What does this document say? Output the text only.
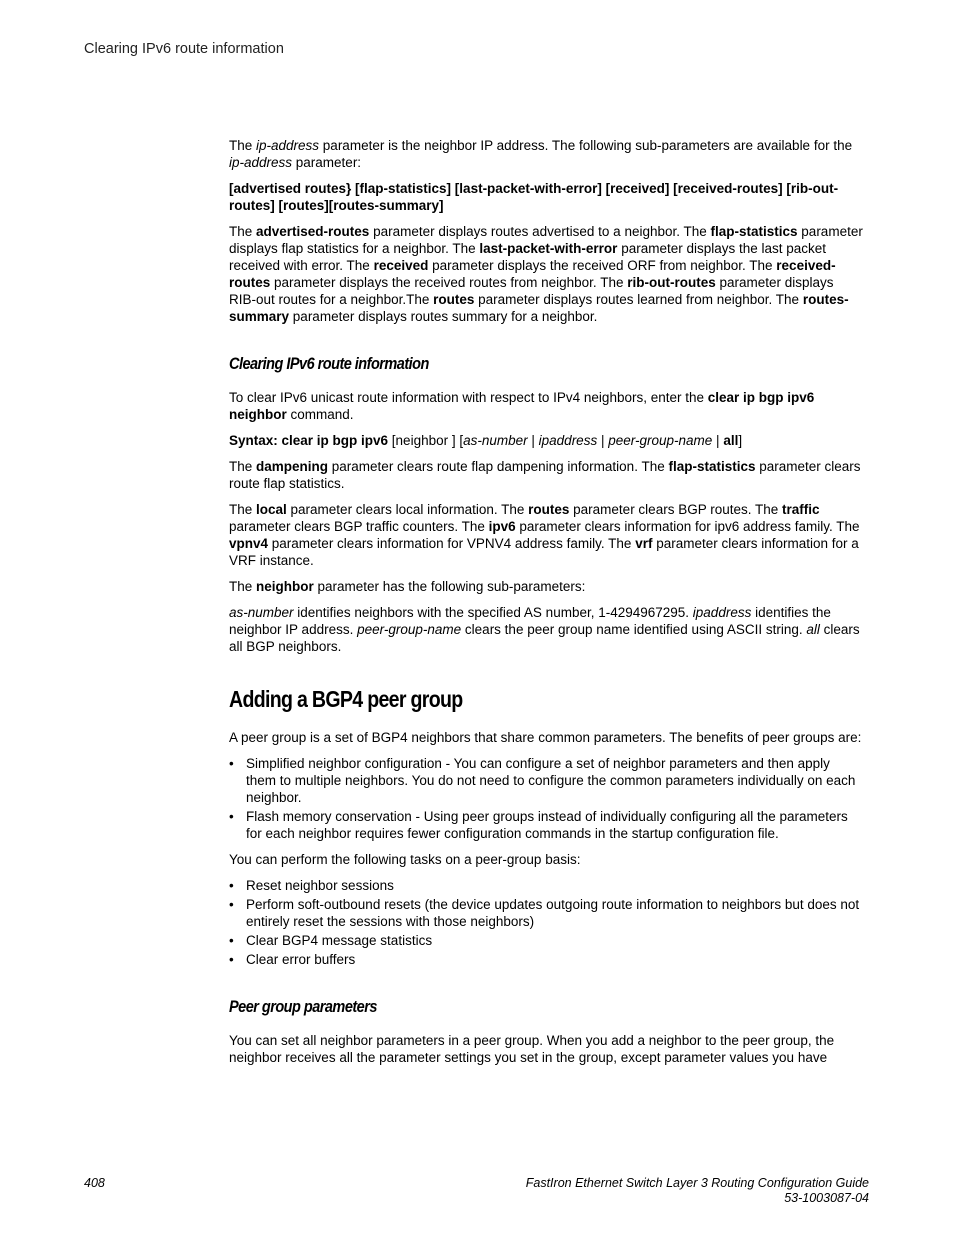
Clearing IPv6 route information

The ip-address parameter is the neighbor IP address. The following sub-parameters are available for the ip-address parameter:

[advertised routes} [flap-statistics] [last-packet-with-error] [received] [received-routes] [rib-out-routes] [routes][routes-summary]

The advertised-routes parameter displays routes advertised to a neighbor. The flap-statistics parameter displays flap statistics for a neighbor. The last-packet-with-error parameter displays the last packet received with error. The received parameter displays the received ORF from neighbor. The received-routes parameter displays the received routes from neighbor. The rib-out-routes parameter displays RIB-out routes for a neighbor.The routes parameter displays routes learned from neighbor. The routes-summary parameter displays routes summary for a neighbor.

Clearing IPv6 route information

To clear IPv6 unicast route information with respect to IPv4 neighbors, enter the clear ip bgp ipv6 neighbor command.

Syntax: clear ip bgp ipv6 [neighbor ] [as-number | ipaddress | peer-group-name | all]

The dampening parameter clears route flap dampening information. The flap-statistics parameter clears route flap statistics.

The local parameter clears local information. The routes parameter clears BGP routes. The traffic parameter clears BGP traffic counters. The ipv6 parameter clears information for ipv6 address family. The vpnv4 parameter clears information for VPNV4 address family. The vrf parameter clears information for a VRF instance.

The neighbor parameter has the following sub-parameters:

as-number identifies neighbors with the specified AS number, 1-4294967295. ipaddress identifies the neighbor IP address. peer-group-name clears the peer group name identified using ASCII string. all clears all BGP neighbors.

Adding a BGP4 peer group

A peer group is a set of BGP4 neighbors that share common parameters. The benefits of peer groups are:

• Simplified neighbor configuration - You can configure a set of neighbor parameters and then apply them to multiple neighbors. You do not need to configure the common parameters individually on each neighbor.
• Flash memory conservation - Using peer groups instead of individually configuring all the parameters for each neighbor requires fewer configuration commands in the startup configuration file.

You can perform the following tasks on a peer-group basis:

• Reset neighbor sessions
• Perform soft-outbound resets (the device updates outgoing route information to neighbors but does not entirely reset the sessions with those neighbors)
• Clear BGP4 message statistics
• Clear error buffers
Peer group parameters

You can set all neighbor parameters in a peer group. When you add a neighbor to the peer group, the neighbor receives all the parameter settings you set in the group, except parameter values you have

408	FastIron Ethernet Switch Layer 3 Routing Configuration Guide
53-1003087-04
